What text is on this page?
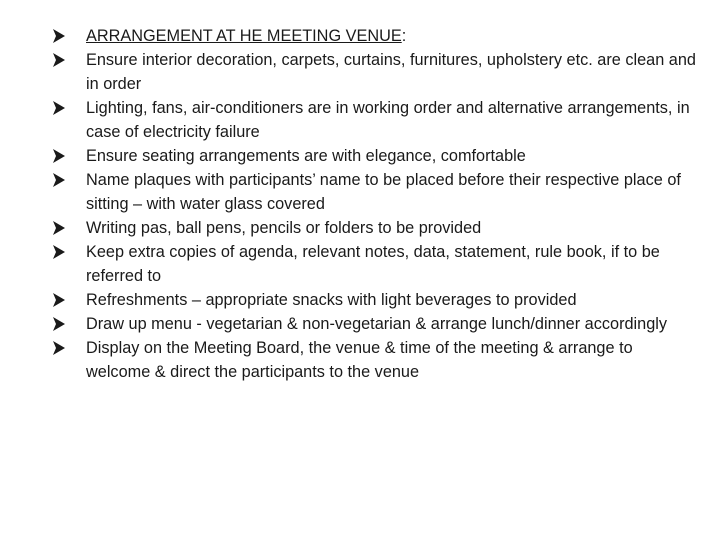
ARRANGEMENT AT HE MEETING VENUE:
Ensure interior decoration, carpets, curtains, furnitures, upholstery etc. are clean and in order
Lighting, fans, air-conditioners are in working order and alternative arrangements, in case of electricity failure
Ensure seating arrangements are with elegance, comfortable
Name plaques with participants’ name to be placed before their respective place of sitting – with water glass covered
Writing pas, ball pens, pencils or folders to be provided
Keep extra copies of agenda, relevant notes, data, statement, rule book, if to be referred to
Refreshments – appropriate snacks with light beverages to provided
Draw up menu - vegetarian & non-vegetarian & arrange lunch/dinner accordingly
Display on the Meeting Board, the venue & time of the meeting & arrange to welcome & direct the participants to the venue
